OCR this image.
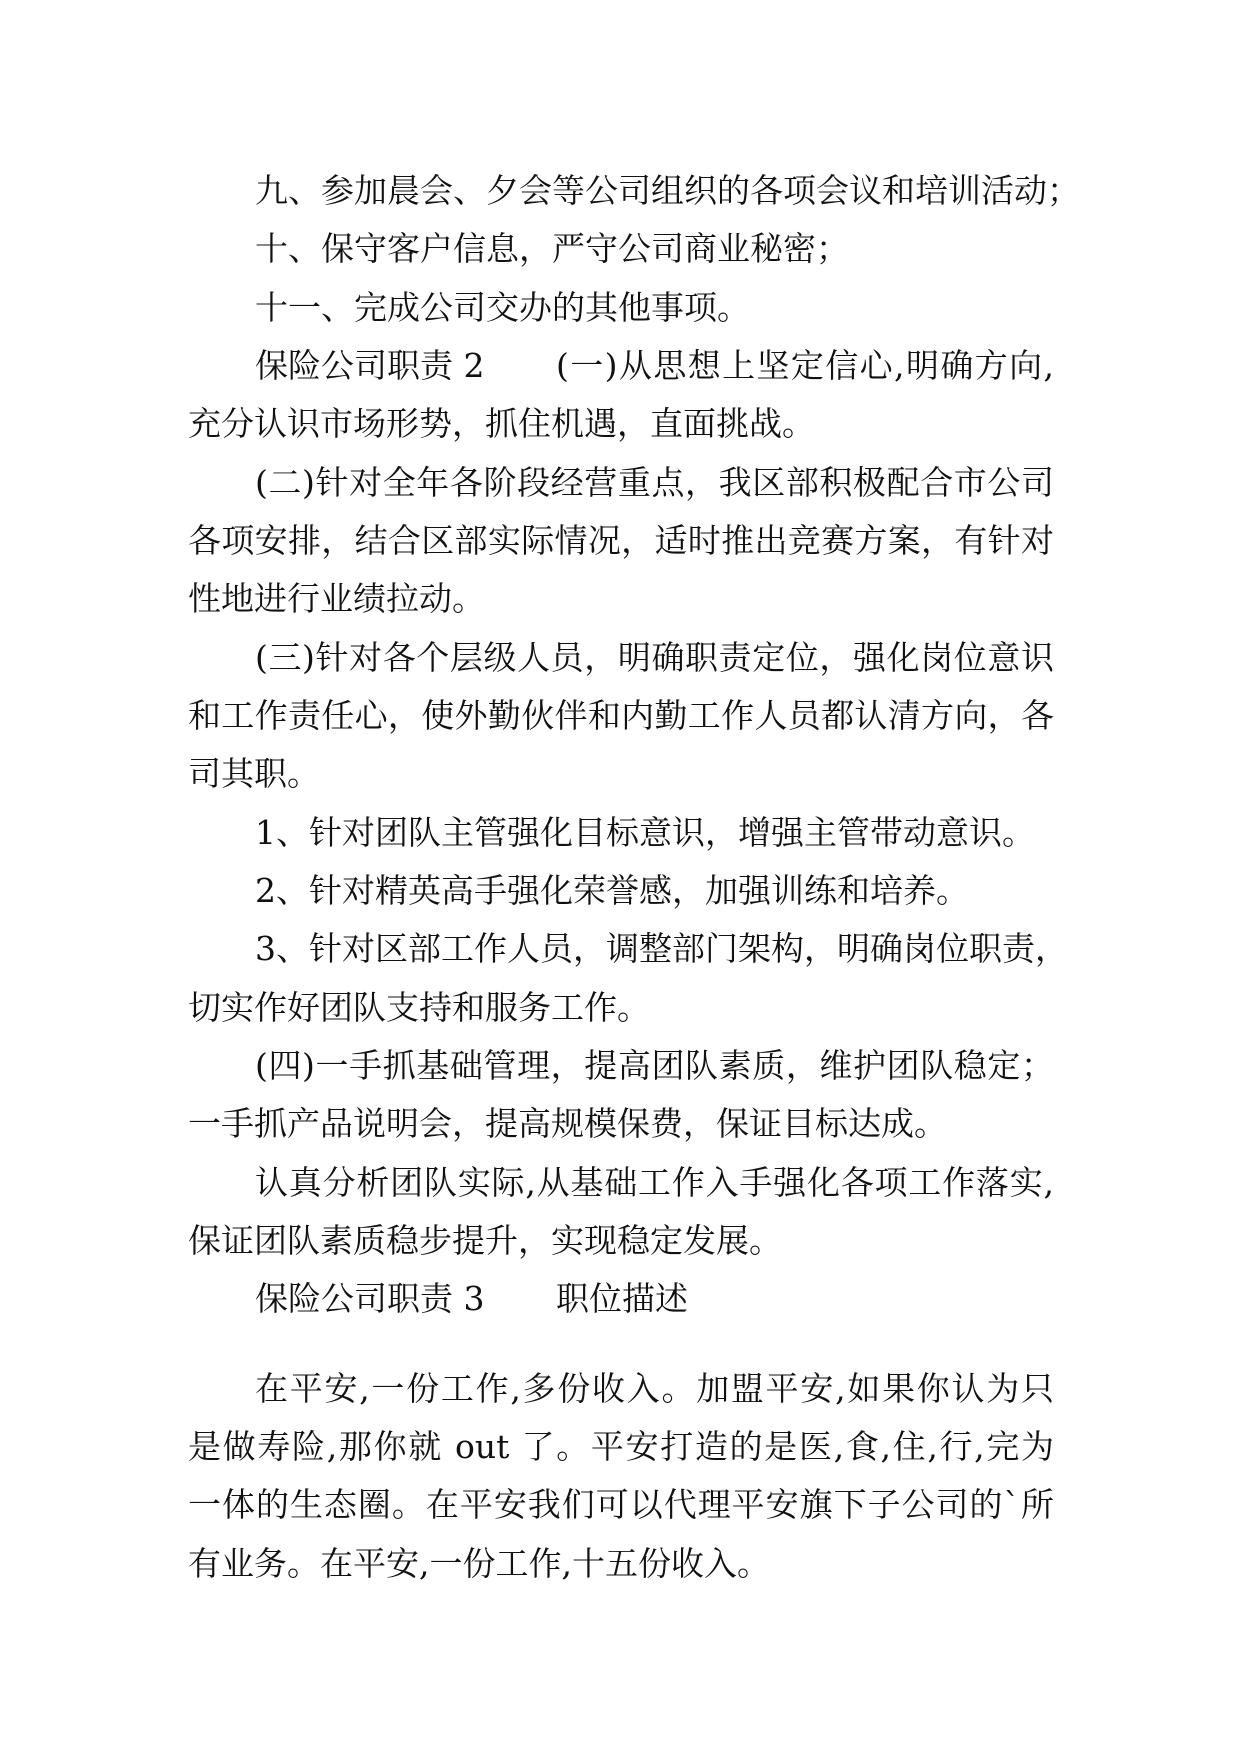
九、参加晨会、夕会等公司组织的各项会议和培训活动；
十、保守客户信息，严守公司商业秘密；
十一、完成公司交办的其他事项。
保险公司职责 2 (一)从思想上坚定信心,明确方向,
充分认识市场形势，抓住机遇，直面挑战。
(二)针对全年各阶段经营重点，我区部积极配合市公司
各项安排，结合区部实际情况，适时推出竞赛方案，有针对
性地进行业绩拉动。
(三)针对各个层级人员，明确职责定位，强化岗位意识
和工作责任心，使外勤伙伴和内勤工作人员都认清方向，各
司其职。
1、针对团队主管强化目标意识，增强主管带动意识。
2、针对精英高手强化荣誉感，加强训练和培养。
3、针对区部工作人员，调整部门架构，明确岗位职责，
切实作好团队支持和服务工作。
(四)一手抓基础管理，提高团队素质，维护团队稳定；
一手抓产品说明会，提高规模保费，保证目标达成。
认真分析团队实际,从基础工作入手强化各项工作落实,
保证团队素质稳步提升，实现稳定发展。
保险公司职责 3 职位描述
在平安,一份工作,多份收入。加盟平安,如果你认为只
是做寿险,那你就 out 了。平安打造的是医,食,住,行,完为
一体的生态圈。在平安我们可以代理平安旗下子公司的`所
有业务。在平安,一份工作,十五份收入。
